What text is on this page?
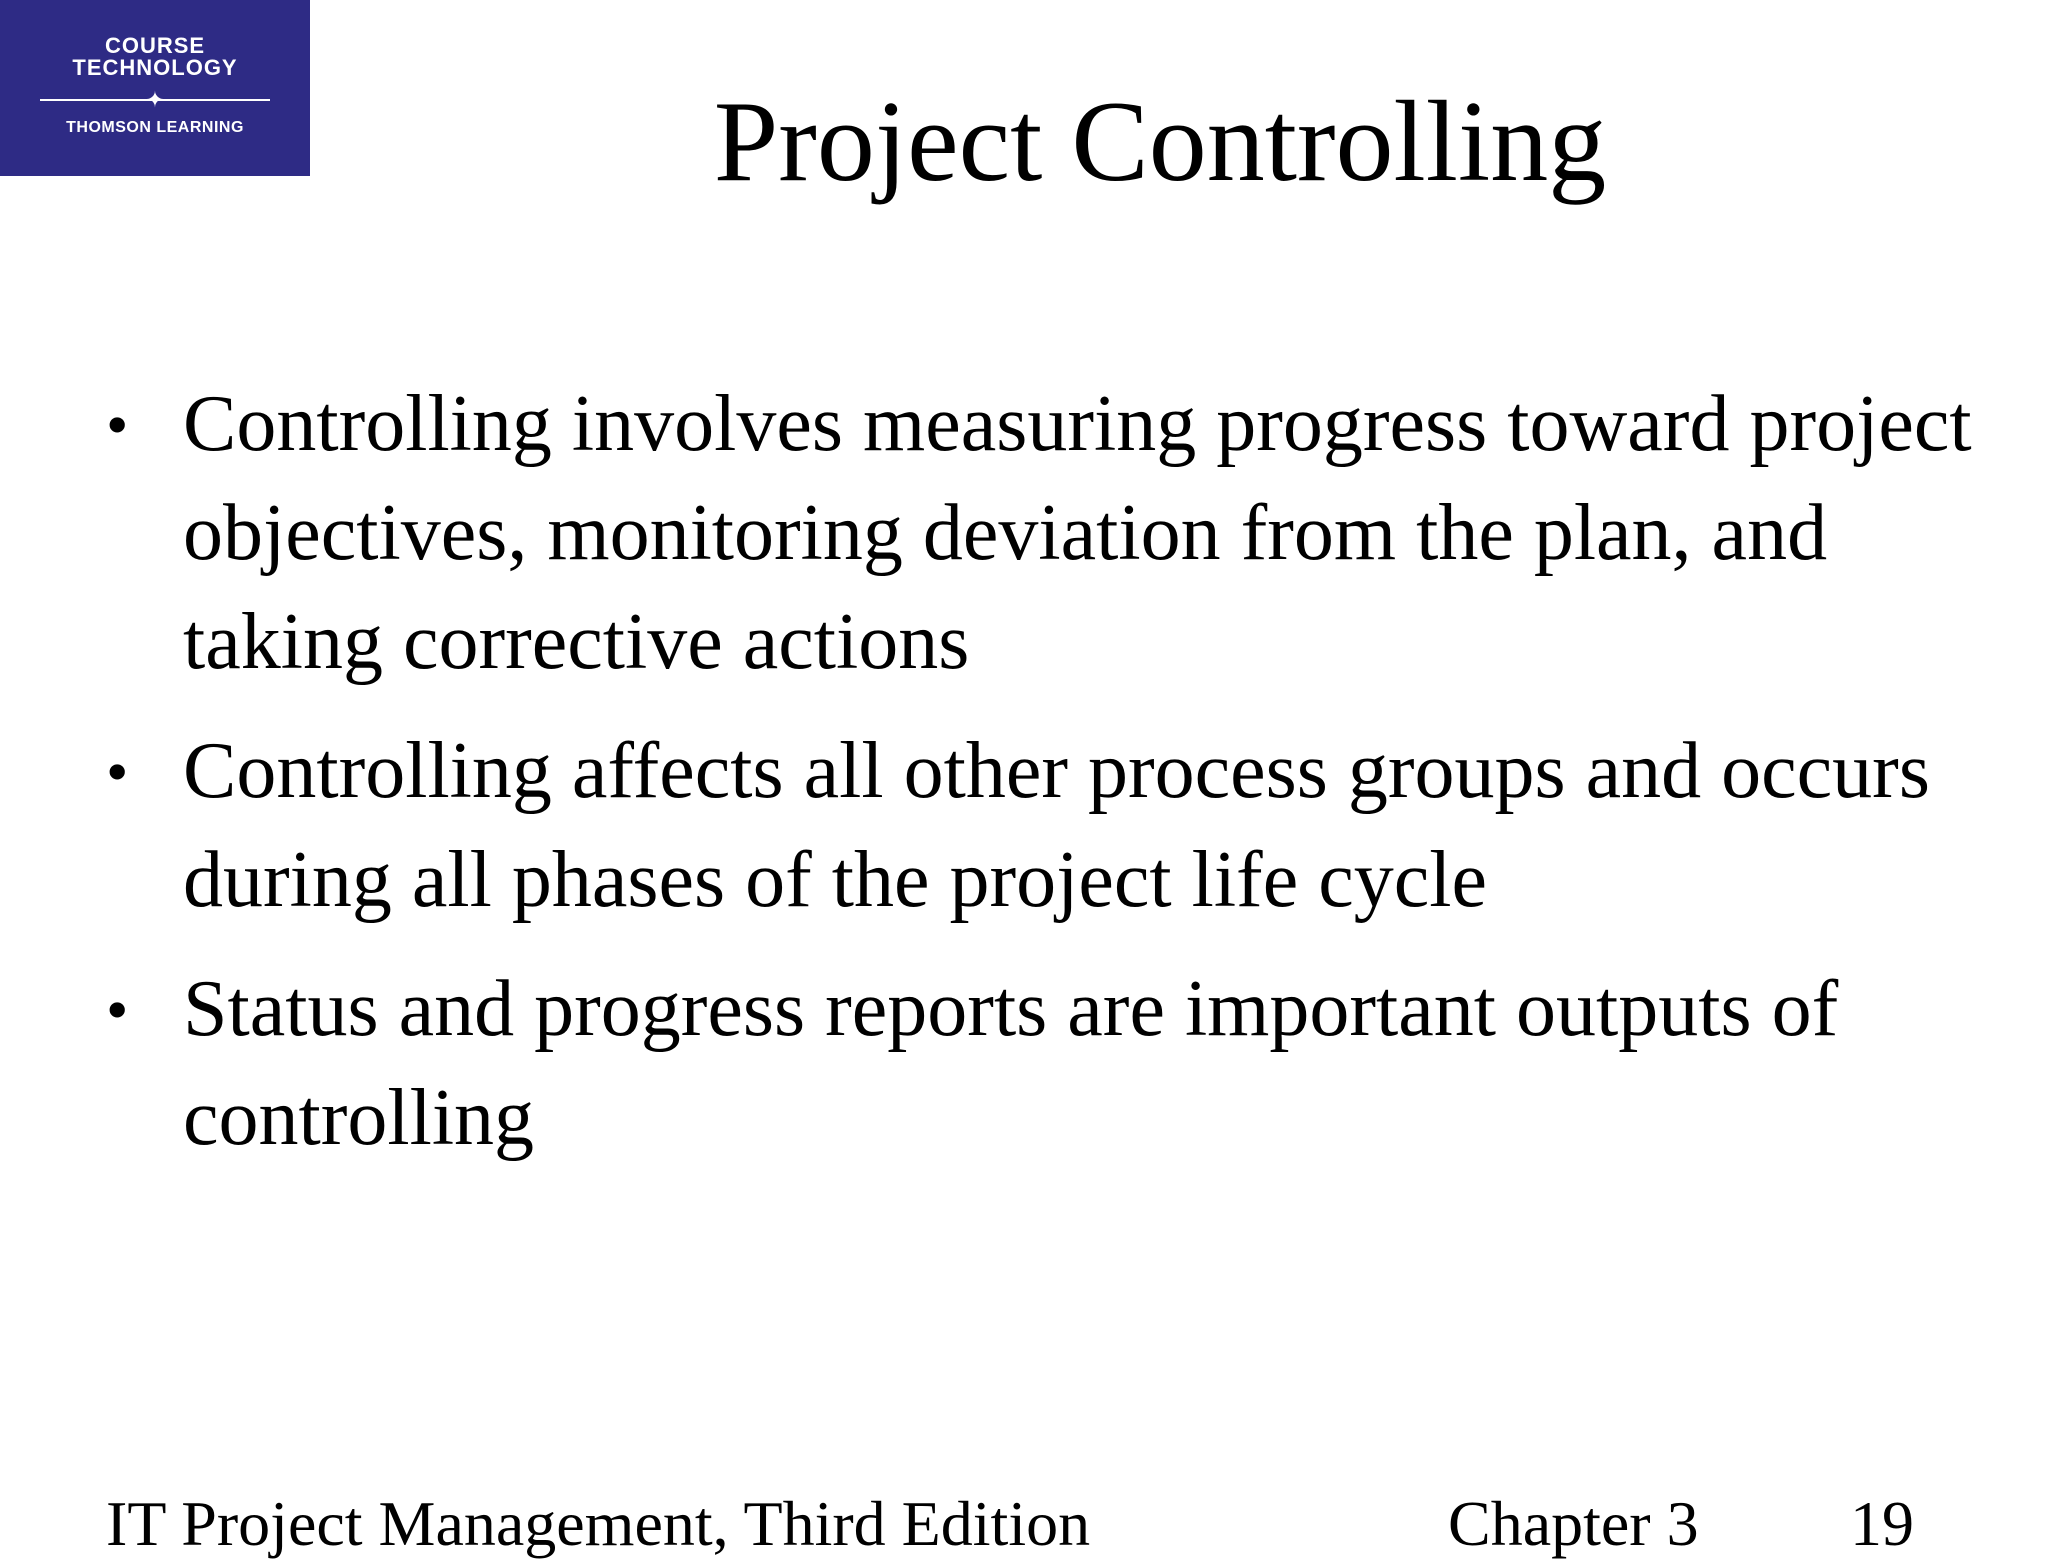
COURSE
TECHNOLOGY
✦
THOMSON LEARNING	Project Controlling
• Controlling involves measuring progress toward project objectives, monitoring deviation from the plan, and taking corrective actions
• Controlling affects all other process groups and occurs during all phases of the project life cycle
• Status and progress reports are important outputs of controlling
IT Project Management, Third Edition	Chapter 3 19
